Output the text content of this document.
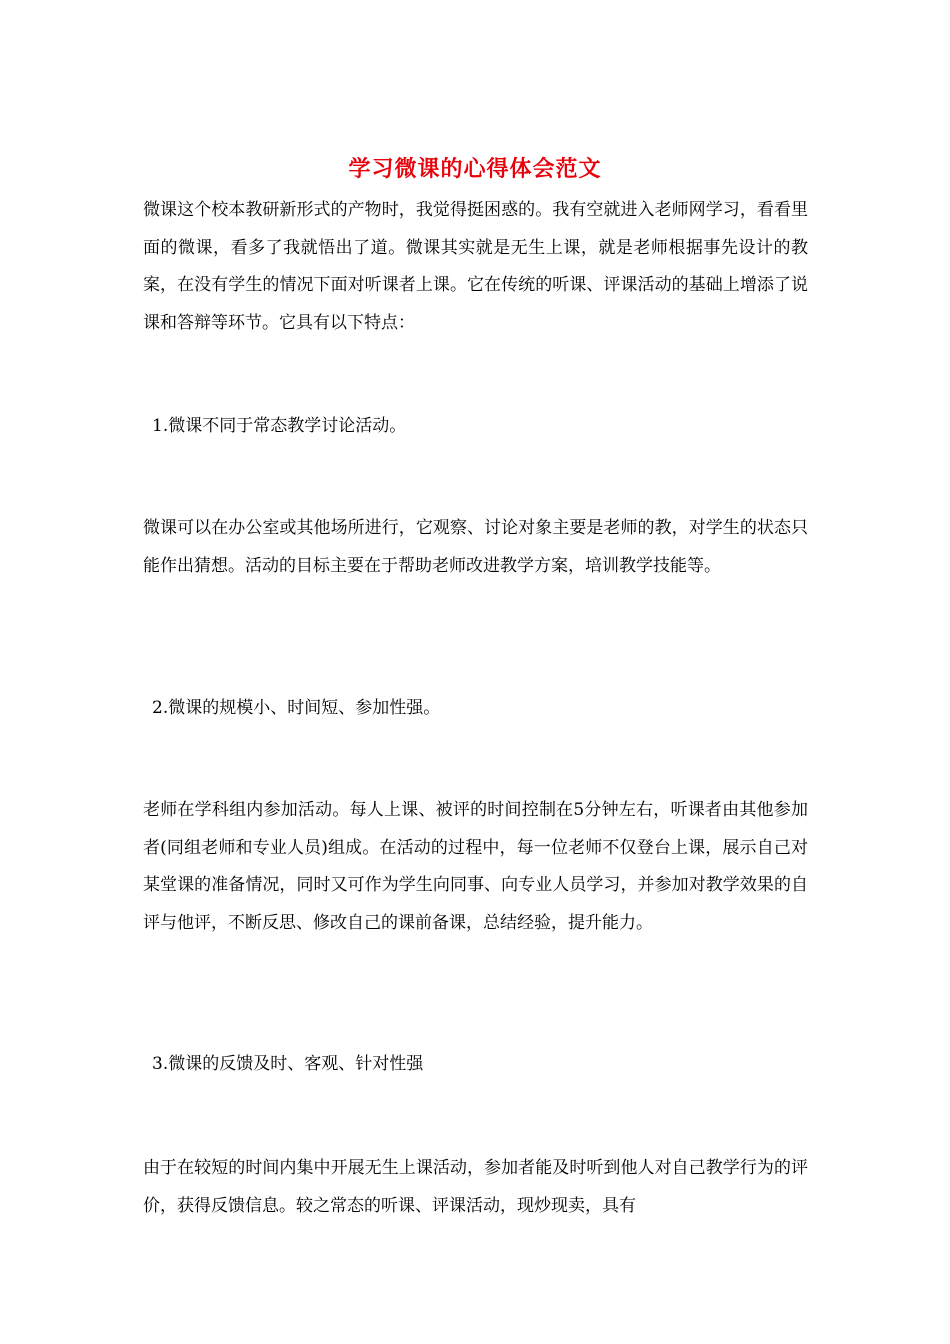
学习微课的心得体会范文

微课这个校本教研新形式的产物时，我觉得挺困惑的。我有空就进入老师网学习，看看里面的微课，看多了我就悟出了道。微课其实就是无生上课，就是老师根据事先设计的教案，在没有学生的情况下面对听课者上课。它在传统的听课、评课活动的基础上增添了说课和答辩等环节。它具有以下特点：

1.微课不同于常态教学讨论活动。

微课可以在办公室或其他场所进行，它观察、讨论对象主要是老师的教，对学生的状态只能作出猜想。活动的目标主要在于帮助老师改进教学方案，培训教学技能等。

2.微课的规模小、时间短、参加性强。

老师在学科组内参加活动。每人上课、被评的时间控制在5分钟左右，听课者由其他参加者(同组老师和专业人员)组成。在活动的过程中，每一位老师不仅登台上课，展示自己对某堂课的准备情况，同时又可作为学生向同事、向专业人员学习，并参加对教学效果的自评与他评，不断反思、修改自己的课前备课，总结经验，提升能力。

3.微课的反馈及时、客观、针对性强

由于在较短的时间内集中开展无生上课活动，参加者能及时听到他人对自己教学行为的评价，获得反馈信息。较之常态的听课、评课活动，现炒现卖，具有
